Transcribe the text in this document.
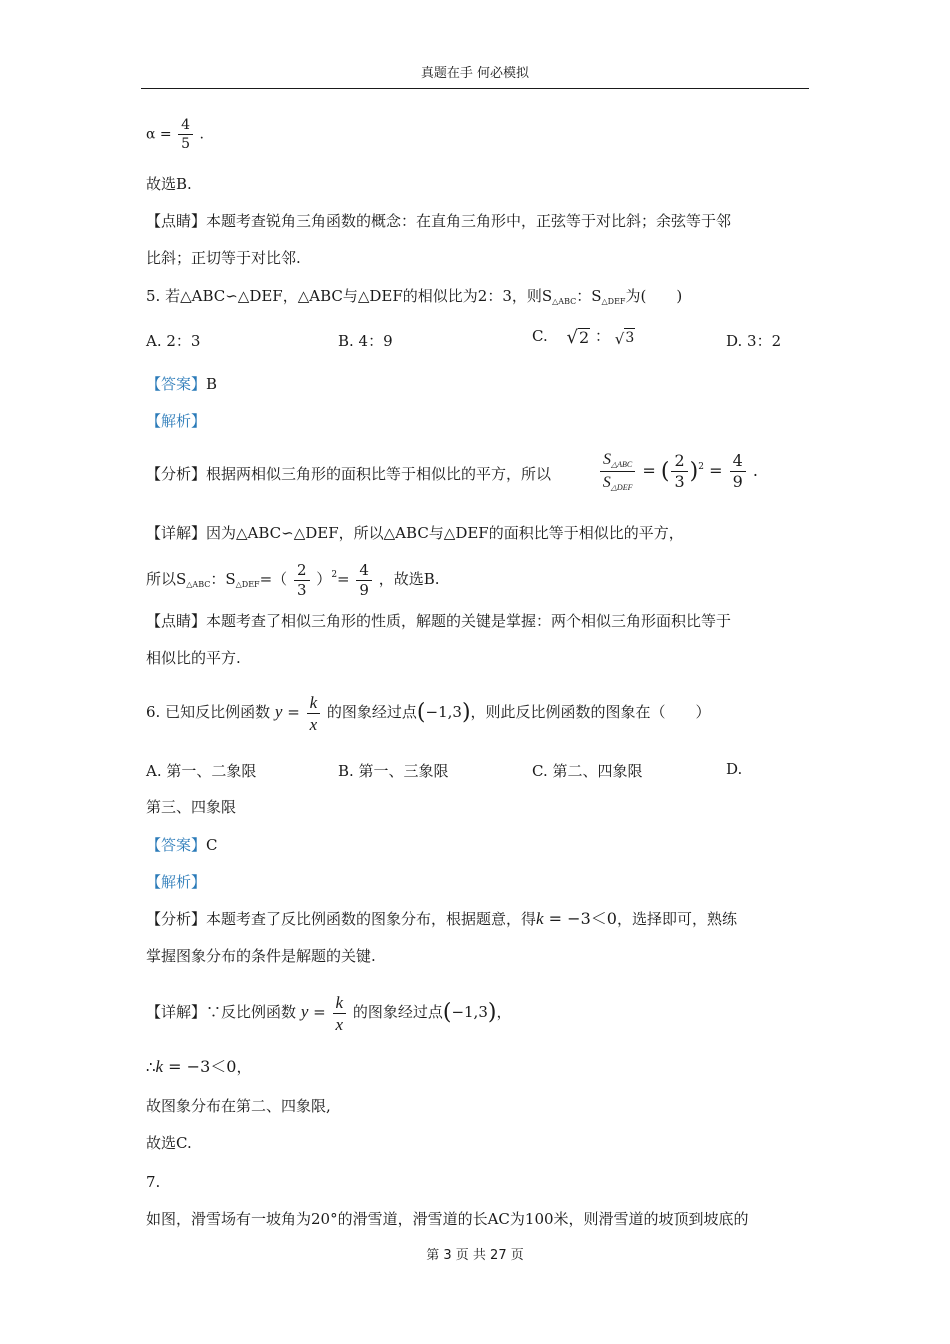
真题在手 何必模拟
$\alpha = \frac{4}{5}$ .
故选B.
【点睛】本题考查锐角三角函数的概念：在直角三角形中，正弦等于对比斜；余弦等于邻
比斜；正切等于对比邻.
5. 若△ABC∽△DEF，△ABC与△DEF的相似比为2：3，则$S_{\triangle ABC}$：$S_{\triangle DEF}$为(　　)
A. 2：3	B. 4：9	C. √ 2 ： √ 3	D. 3：2
【答案】B
【解析】
【分析】根据两相似三角形的面积比等于相似比的平方，所以	$\frac{S_{\triangle ABC}}{S_{\triangle DEF}}$ = ( $\frac{2}{3} )^2 = \frac{4}{9}$ .
【详解】因为△ABC∽△DEF，所以△ABC与△DEF的面积比等于相似比的平方，
所以$S_{\triangle ABC}$：$S_{\triangle DEF}=( \frac{2}{3} )^2= \frac{4}{9}$ ，故选B.
【点睛】本题考查了相似三角形的性质，解题的关键是掌握：两个相似三角形面积比等于
相似比的平方.
6. 已知反比例函数 $y = \frac{k}{x}$ 的图象经过点(−1,3)，则此反比例函数的图象在（　　）
A. 第一、二象限	B. 第一、三象限	C. 第二、四象限	D.
第三、四象限
【答案】C
【解析】
【分析】本题考查了反比例函数的图象分布，根据题意，得k = −3＜0，选择即可，熟练
掌握图象分布的条件是解题的关键.
【详解】∵反比例函数 $y = \frac{k}{x}$ 的图象经过点(−1,3)，
∴k = −3＜0，
故图象分布在第二、四象限,
故选C.
7.
如图，滑雪场有一坡角为20°的滑雪道，滑雪道的长AC为100米，则滑雪道的坡顶到坡底的
第 3 页 共 27 页
